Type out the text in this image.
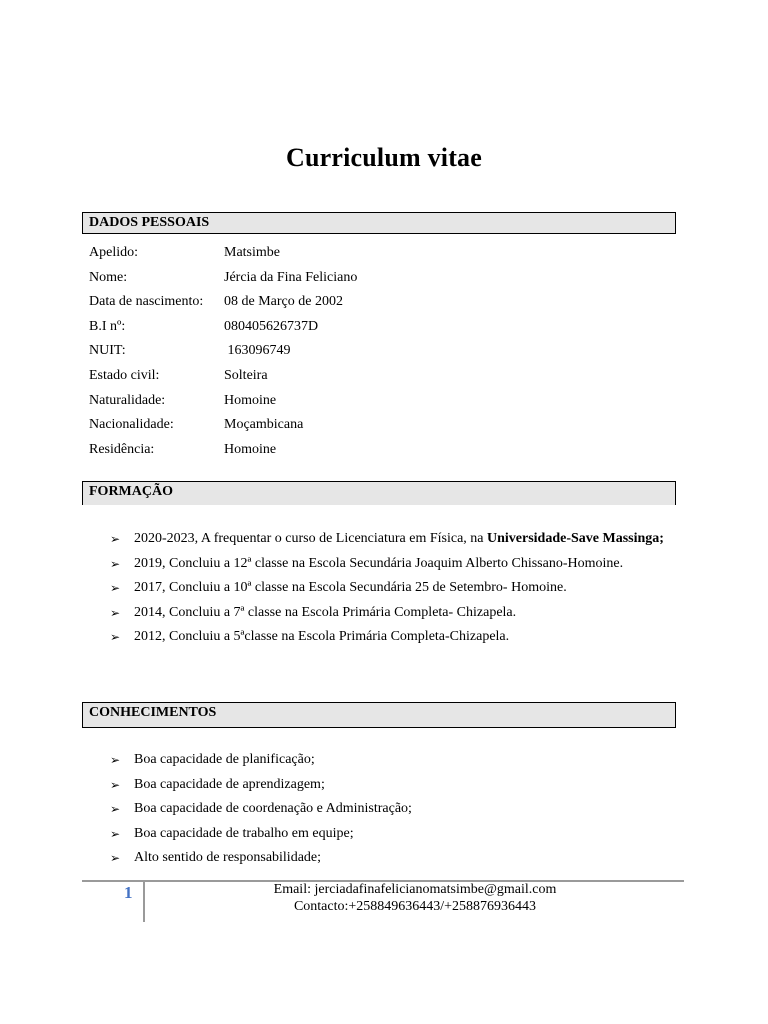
Curriculum vitae
DADOS PESSOAIS
Apelido:	Matsimbe
Nome:	Jércia da Fina Feliciano
Data de nascimento: 08 de Março de 2002
B.I nº:	080405626737D
NUIT:	163096749
Estado civil:	Solteira
Naturalidade:	Homoine
Nacionalidade:	Moçambicana
Residência:	Homoine
FORMAÇÃO
➢ 2020-2023, A frequentar o curso de Licenciatura em Física, na Universidade-Save Massinga;
➢ 2019, Concluiu a 12ª classe na Escola Secundária Joaquim Alberto Chissano-Homoine.
➢ 2017, Concluiu a 10ª classe na Escola Secundária 25 de Setembro- Homoine.
➢ 2014, Concluiu a 7ª classe na Escola Primária Completa- Chizapela.
➢ 2012, Concluiu a 5ªclasse na Escola Primária Completa-Chizapela.
CONHECIMENTOS
➢ Boa capacidade de planificação;
➢ Boa capacidade de aprendizagem;
➢ Boa capacidade de coordenação e Administração;
➢ Boa capacidade de trabalho em equipe;
➢ Alto sentido de responsabilidade;
1	Email: jerciadafinafelicianomatsimbe@gmail.com
Contacto:+258849636443/+258876936443
